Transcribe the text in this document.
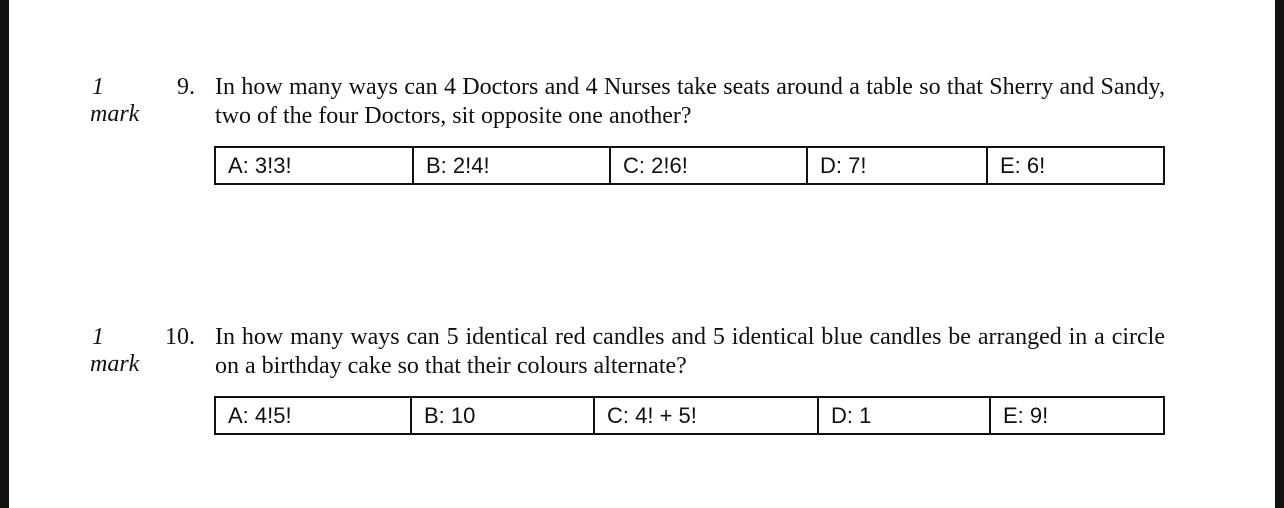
1
mark
9. In how many ways can 4 Doctors and 4 Nurses take seats around a table so that Sherry and Sandy, two of the four Doctors, sit opposite one another?
A: 3!3!	B: 2!4!	C: 2!6!	D: 7!	E: 6!
1
mark
10. In how many ways can 5 identical red candles and 5 identical blue candles be arranged in a circle on a birthday cake so that their colours alternate?
A: 4!5!	B: 10	C: 4! + 5!	D: 1	E: 9!
